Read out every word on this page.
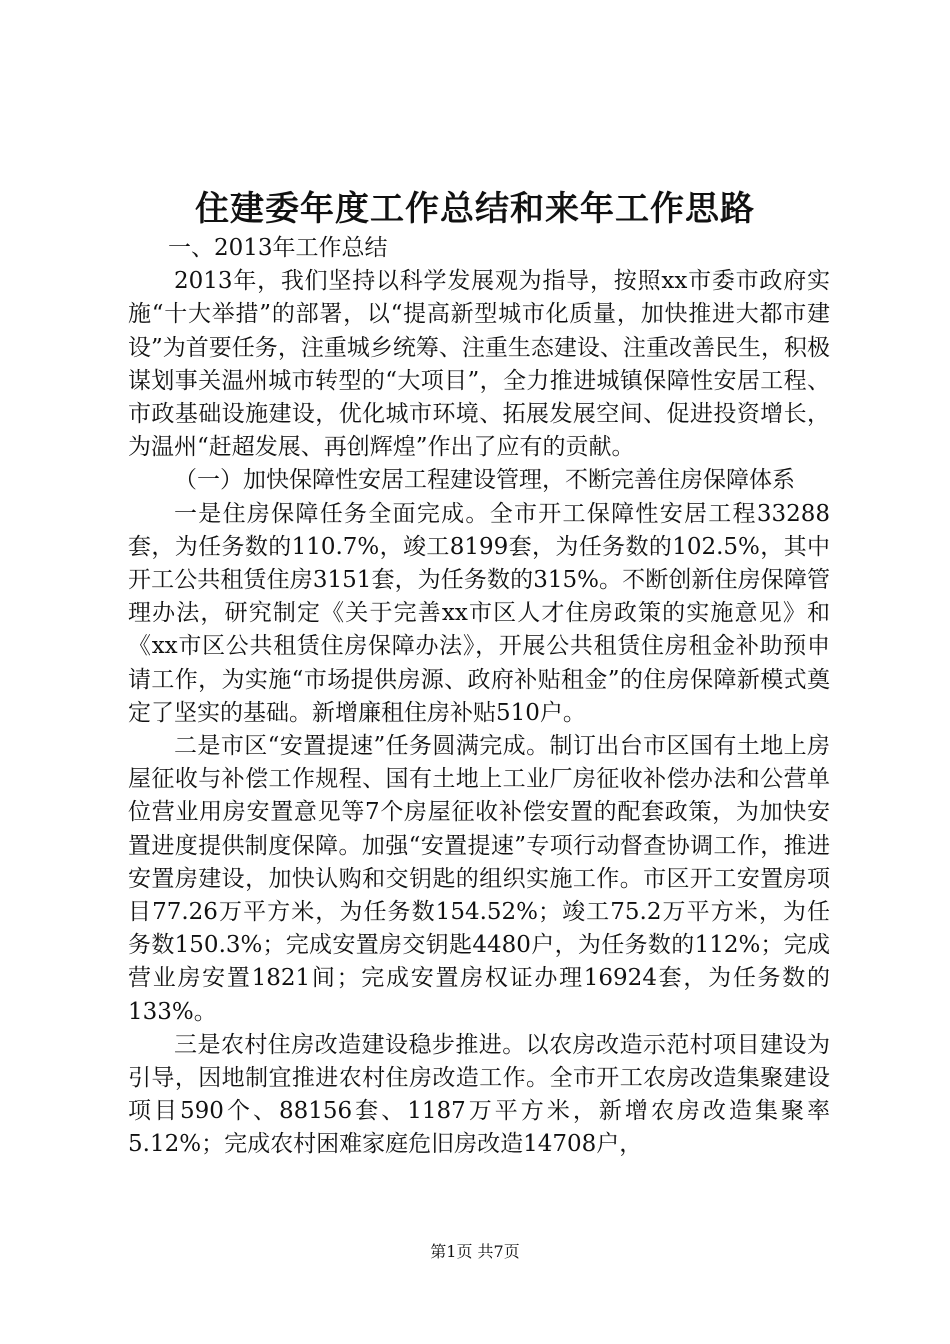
住建委年度工作总结和来年工作思路

一、2013年工作总结

2013年，我们坚持以科学发展观为指导，按照xx市委市政府实施“十大举措”的部署，以“提高新型城市化质量，加快推进大都市建设”为首要任务，注重城乡统筹、注重生态建设、注重改善民生，积极谋划事关温州城市转型的“大项目”，全力推进城镇保障性安居工程、市政基础设施建设，优化城市环境、拓展发展空间、促进投资增长，为温州“赶超发展、再创辉煌”作出了应有的贡献。

（一）加快保障性安居工程建设管理，不断完善住房保障体系

一是住房保障任务全面完成。全市开工保障性安居工程33288套，为任务数的110.7%，竣工8199套，为任务数的102.5%，其中开工公共租赁住房3151套，为任务数的315%。不断创新住房保障管理办法，研究制定《关于完善xx市区人才住房政策的实施意见》和《xx市区公共租赁住房保障办法》，开展公共租赁住房租金补助预申请工作，为实施“市场提供房源、政府补贴租金”的住房保障新模式奠定了坚实的基础。新增廉租住房补贴510户。

二是市区“安置提速”任务圆满完成。制订出台市区国有土地上房屋征收与补偿工作规程、国有土地上工业厂房征收补偿办法和公营单位营业用房安置意见等7个房屋征收补偿安置的配套政策，为加快安置进度提供制度保障。加强“安置提速”专项行动督查协调工作，推进安置房建设，加快认购和交钥匙的组织实施工作。市区开工安置房项目77.26万平方米，为任务数154.52%；竣工75.2万平方米，为任务数150.3%；完成安置房交钥匙4480户，为任务数的112%；完成营业房安置1821间；完成安置房权证办理16924套，为任务数的133%。

三是农村住房改造建设稳步推进。以农房改造示范村项目建设为引导，因地制宜推进农村住房改造工作。全市开工农房改造集聚建设项目590个、88156套、1187万平方米，新增农房改造集聚率5.12%；完成农村困难家庭危旧房改造14708户，

第1页 共7页
